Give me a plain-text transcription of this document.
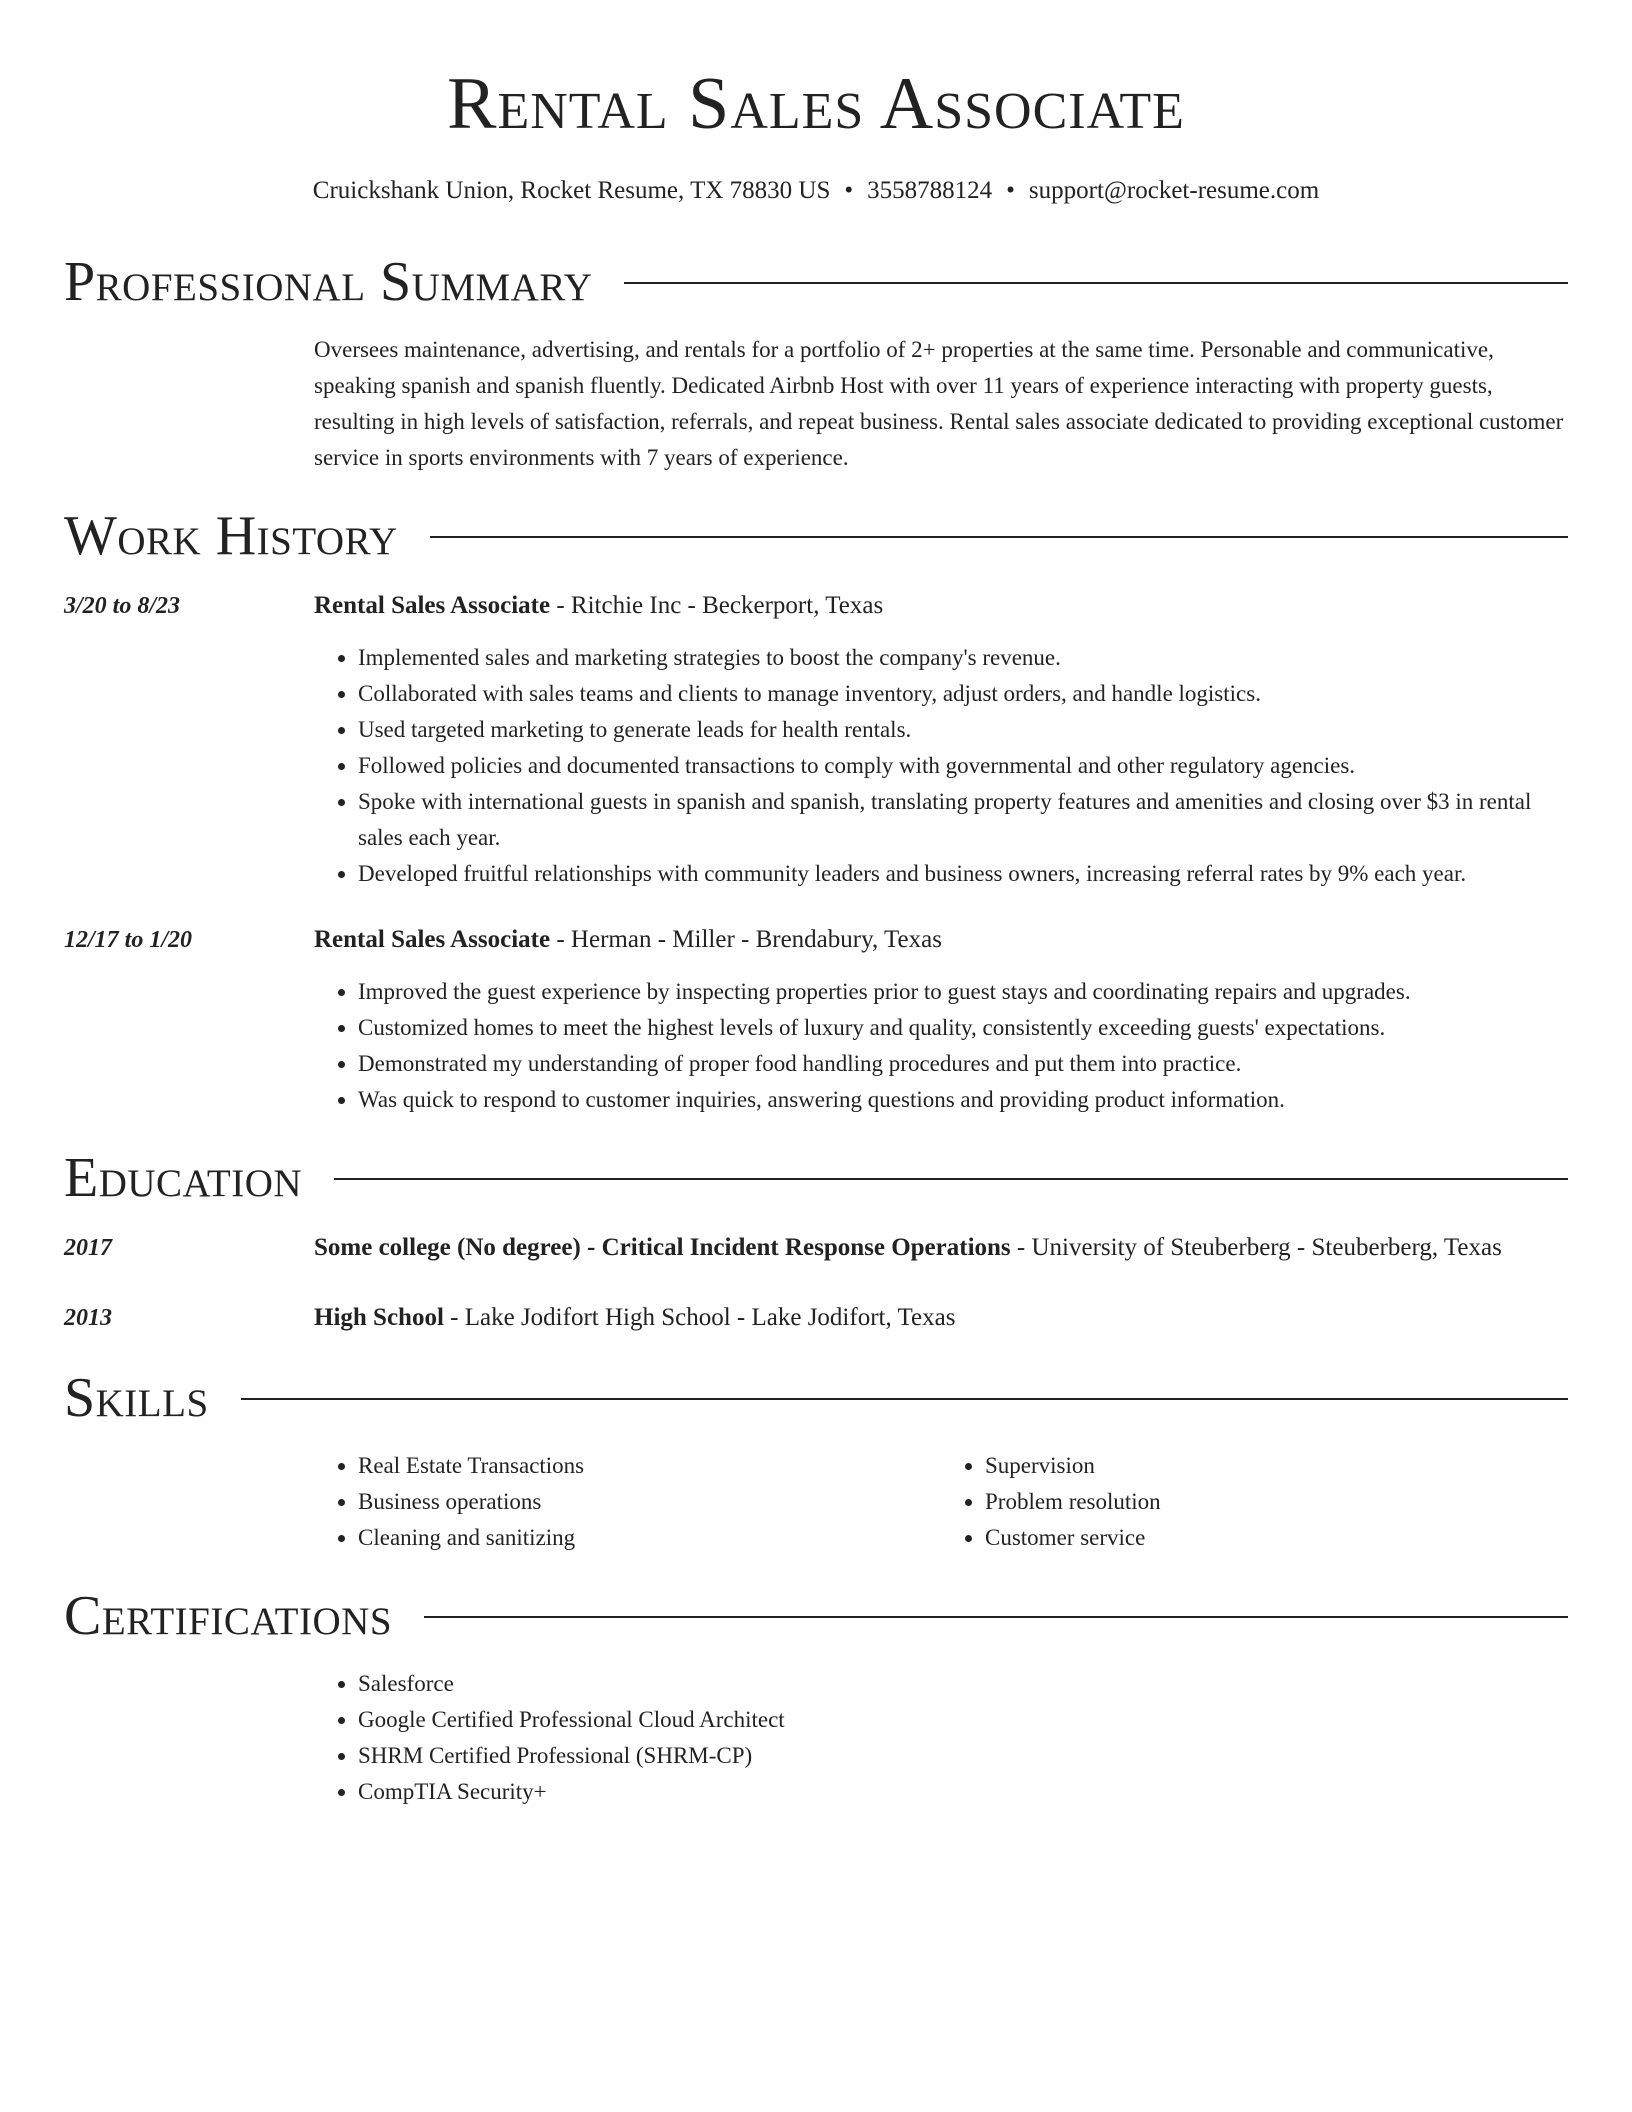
Rental Sales Associate
Cruickshank Union, Rocket Resume, TX 78830 US • 3558788124 • support@rocket-resume.com
Professional Summary
Oversees maintenance, advertising, and rentals for a portfolio of 2+ properties at the same time. Personable and communicative, speaking spanish and spanish fluently. Dedicated Airbnb Host with over 11 years of experience interacting with property guests, resulting in high levels of satisfaction, referrals, and repeat business. Rental sales associate dedicated to providing exceptional customer service in sports environments with 7 years of experience.
Work History
3/20 to 8/23	Rental Sales Associate - Ritchie Inc - Beckerport, Texas
• Implemented sales and marketing strategies to boost the company's revenue.
• Collaborated with sales teams and clients to manage inventory, adjust orders, and handle logistics.
• Used targeted marketing to generate leads for health rentals.
• Followed policies and documented transactions to comply with governmental and other regulatory agencies.
• Spoke with international guests in spanish and spanish, translating property features and amenities and closing over $3 in rental sales each year.
• Developed fruitful relationships with community leaders and business owners, increasing referral rates by 9% each year.
12/17 to 1/20	Rental Sales Associate - Herman - Miller - Brendabury, Texas
• Improved the guest experience by inspecting properties prior to guest stays and coordinating repairs and upgrades.
• Customized homes to meet the highest levels of luxury and quality, consistently exceeding guests' expectations.
• Demonstrated my understanding of proper food handling procedures and put them into practice.
• Was quick to respond to customer inquiries, answering questions and providing product information.
Education
2017	Some college (No degree) - Critical Incident Response Operations - University of Steuberberg - Steuberberg, Texas
2013	High School - Lake Jodifort High School - Lake Jodifort, Texas
Skills
• Real Estate Transactions
• Business operations
• Cleaning and sanitizing
• Supervision
• Problem resolution
• Customer service
Certifications
• Salesforce
• Google Certified Professional Cloud Architect
• SHRM Certified Professional (SHRM-CP)
• CompTIA Security+
